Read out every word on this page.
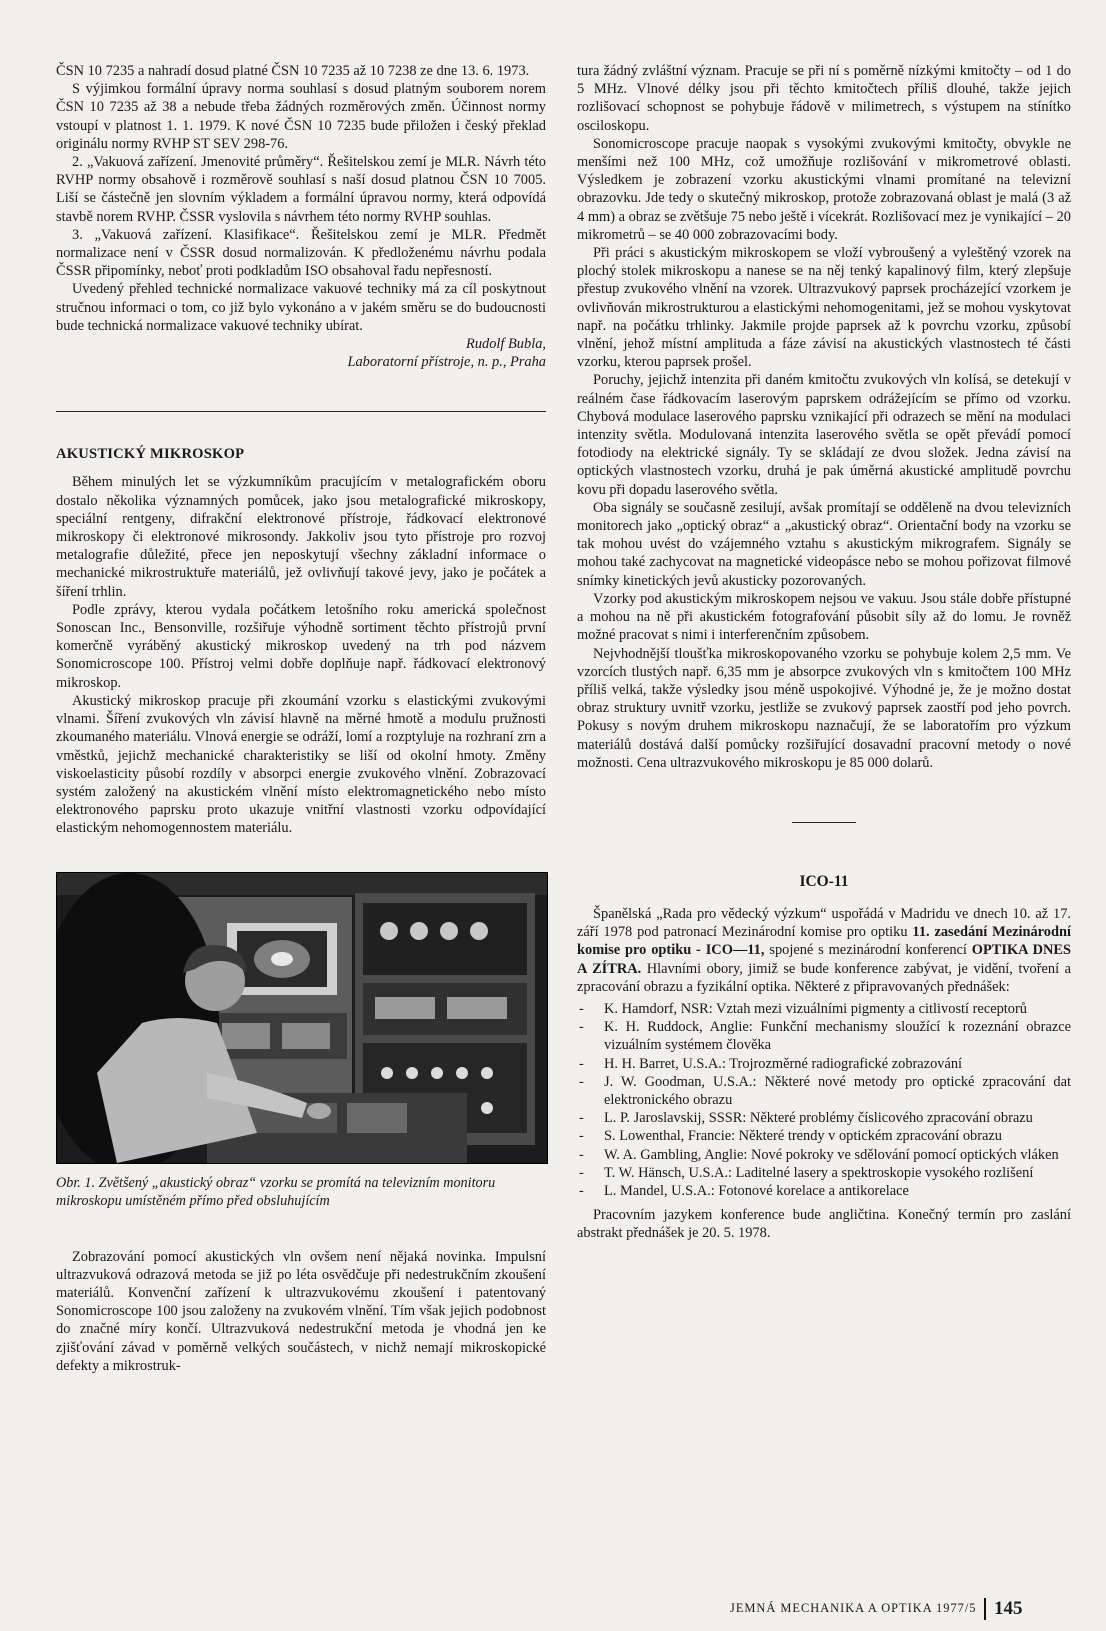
ČSN 10 7235 a nahradí dosud platné ČSN 10 7235 až 10 7238 ze dne 13. 6. 1973.

S výjimkou formální úpravy norma souhlasí s dosud platným souborem norem ČSN 10 7235 až 38 a nebude třeba žádných rozměrových změn. Účinnost normy vstoupí v platnost 1. 1. 1979. K nové ČSN 10 7235 bude přiložen i český překlad originálu normy RVHP ST SEV 298-76.

2. „Vakuová zařízení. Jmenovité průměry“. Řešitelskou zemí je MLR. Návrh této RVHP normy obsahově i rozměrově souhlasí s naší dosud platnou ČSN 10 7005. Liší se částečně jen slovním výkladem a formální úpravou normy, která odpovídá stavbě norem RVHP. ČSSR vyslovila s návrhem této normy RVHP souhlas.

3. „Vakuová zařízení. Klasifikace“. Řešitelskou zemí je MLR. Předmět normalizace není v ČSSR dosud normalizován. K předloženému návrhu podala ČSSR připomínky, neboť proti podkladům ISO obsahoval řadu nepřesností.

Uvedený přehled technické normalizace vakuové techniky má za cíl poskytnout stručnou informaci o tom, co již bylo vykonáno a v jakém směru se do budoucnosti bude technická normalizace vakuové techniky ubírat.

Rudolf Bubla,
Laboratorní přístroje, n. p., Praha
AKUSTICKÝ MIKROSKOP

Během minulých let se výzkumníkům pracujícím v metalografickém oboru dostalo několika významných pomůcek, jako jsou metalografické mikroskopy, speciální rentgeny, difrakční elektronové přístroje, řádkovací elektronové mikroskopy či elektronové mikrosondy. Jakkoliv jsou tyto přístroje pro rozvoj metalografie důležité, přece jen neposkytují všechny základní informace o mechanické mikrostruktuře materiálů, jež ovlivňují takové jevy, jako je počátek a šíření trhlin.

Podle zprávy, kterou vydala počátkem letošního roku americká společnost Sonoscan Inc., Bensonville, rozšiřuje výhodně sortiment těchto přístrojů první komerčně vyráběný akustický mikroskop uvedený na trh pod názvem Sonomicroscope 100. Přístroj velmi dobře doplňuje např. řádkovací elektronový mikroskop.

Akustický mikroskop pracuje při zkoumání vzorku s elastickými zvukovými vlnami. Šíření zvukových vln závisí hlavně na měrné hmotě a modulu pružnosti zkoumaného materiálu. Vlnová energie se odráží, lomí a rozptyluje na rozhraní zrn a vměstků, jejichž mechanické charakteristiky se liší od okolní hmoty. Změny viskoelasticity působí rozdíly v absorpci energie zvukového vlnění. Zobrazovací systém založený na akustickém vlnění místo elektromagnetického nebo místo elektronového paprsku proto ukazuje vnitřní vlastnosti vzorku odpovídající elastickým nehomogennostem materiálu.

Obr. 1. Zvětšený „akustický obraz“ vzorku se promítá na televizním monitoru mikroskopu umístěném přímo před obsluhujícím

Zobrazování pomocí akustických vln ovšem není nějaká novinka. Impulsní ultrazvuková odrazová metoda se již po léta osvědčuje při nedestrukčním zkoušení materiálů. Konvenční zařízení k ultrazvukovému zkoušení i patentovaný Sonomicroscope 100 jsou založeny na zvukovém vlnění. Tím však jejich podobnost do značné míry končí. Ultrazvuková nedestrukční metoda je vhodná jen ke zjišťování závad v poměrně velkých součástech, v nichž nemají mikroskopické defekty a mikrostruk-

tura žádný zvláštní význam. Pracuje se při ní s poměrně nízkými kmitočty – od 1 do 5 MHz. Vlnové délky jsou při těchto kmitočtech příliš dlouhé, takže jejich rozlišovací schopnost se pohybuje řádově v milimetrech, s výstupem na stínítko osciloskopu.

Sonomicroscope pracuje naopak s vysokými zvukovými kmitočty, obvykle ne menšími než 100 MHz, což umožňuje rozlišování v mikrometrové oblasti. Výsledkem je zobrazení vzorku akustickými vlnami promítané na televizní obrazovku. Jde tedy o skutečný mikroskop, protože zobrazovaná oblast je malá (3 až 4 mm) a obraz se zvětšuje 75 nebo ještě i vícekrát. Rozlišovací mez je vynikající – 20 mikrometrů – se 40 000 zobrazovacími body.

Při práci s akustickým mikroskopem se vloží vybroušený a vyleštěný vzorek na plochý stolek mikroskopu a nanese se na něj tenký kapalinový film, který zlepšuje přestup zvukového vlnění na vzorek. Ultrazvukový paprsek procházející vzorkem je ovlivňován mikrostrukturou a elastickými nehomogenitami, jež se mohou vyskytovat např. na počátku trhlinky. Jakmile projde paprsek až k povrchu vzorku, způsobí vlnění, jehož místní amplituda a fáze závisí na akustických vlastnostech té části vzorku, kterou paprsek prošel.

Poruchy, jejichž intenzita při daném kmitočtu zvukových vln kolísá, se detekují v reálném čase řádkovacím laserovým paprskem odrážejícím se přímo od vzorku. Chybová modulace laserového paprsku vznikající při odrazech se mění na modulaci intenzity světla. Modulovaná intenzita laserového světla se opět převádí pomocí fotodiody na elektrické signály. Ty se skládají ze dvou složek. Jedna závisí na optických vlastnostech vzorku, druhá je pak úměrná akustické amplitudě povrchu kovu při dopadu laserového světla.

Oba signály se současně zesilují, avšak promítají se odděleně na dvou televizních monitorech jako „optický obraz“ a „akustický obraz“. Orientační body na vzorku se tak mohou uvést do vzájemného vztahu s akustickým mikrografem. Signály se mohou také zachycovat na magnetické videopásce nebo se mohou pořizovat filmové snímky kinetických jevů akusticky pozorovaných.

Vzorky pod akustickým mikroskopem nejsou ve vakuu. Jsou stále dobře přístupné a mohou na ně při akustickém fotografování působit síly až do lomu. Je rovněž možné pracovat s nimi i interferenčním způsobem.

Nejvhodnější tloušťka mikroskopovaného vzorku se pohybuje kolem 2,5 mm. Ve vzorcích tlustých např. 6,35 mm je absorpce zvukových vln s kmitočtem 100 MHz příliš velká, takže výsledky jsou méně uspokojivé. Výhodné je, že je možno dostat obraz struktury uvnitř vzorku, jestliže se zvukový paprsek zaostří pod jeho povrch. Pokusy s novým druhem mikroskopu naznačují, že se laboratořím pro výzkum materiálů dostává další pomůcky rozšiřující dosavadní pracovní metody o nové možnosti. Cena ultrazvukového mikroskopu je 85 000 dolarů.

ICO-11

Španělská „Rada pro vědecký výzkum“ uspořádá v Madridu ve dnech 10. až 17. září 1978 pod patronací Mezinárodní komise pro optiku 11. zasedání Mezinárodní komise pro optiku - ICO—11, spojené s mezinárodní konferencí OPTIKA DNES A ZÍTRA. Hlavními obory, jimiž se bude konference zabývat, je vidění, tvoření a zpracování obrazu a fyzikální optika. Některé z připravovaných přednášek:

- K. Hamdorf, NSR: Vztah mezi vizuálními pigmenty a citlivostí receptorů
- K. H. Ruddock, Anglie: Funkční mechanismy sloužící k rozeznání obrazce vizuálním systémem člověka
- H. H. Barret, U.S.A.: Trojrozměrné radiografické zobrazování
- J. W. Goodman, U.S.A.: Některé nové metody pro optické zpracování dat elektronického obrazu
- L. P. Jaroslavskij, SSSR: Některé problémy číslicového zpracování obrazu
- S. Lowenthal, Francie: Některé trendy v optickém zpracování obrazu
- W. A. Gambling, Anglie: Nové pokroky ve sdělování pomocí optických vláken
- T. W. Hänsch, U.S.A.: Laditelné lasery a spektroskopie vysokého rozlišení
- L. Mandel, U.S.A.: Fotonové korelace a antikorelace

Pracovním jazykem konference bude angličtina. Konečný termín pro zaslání abstrakt přednášek je 20. 5. 1978.

JEMNÁ MECHANIKA A OPTIKA 1977/5 145
